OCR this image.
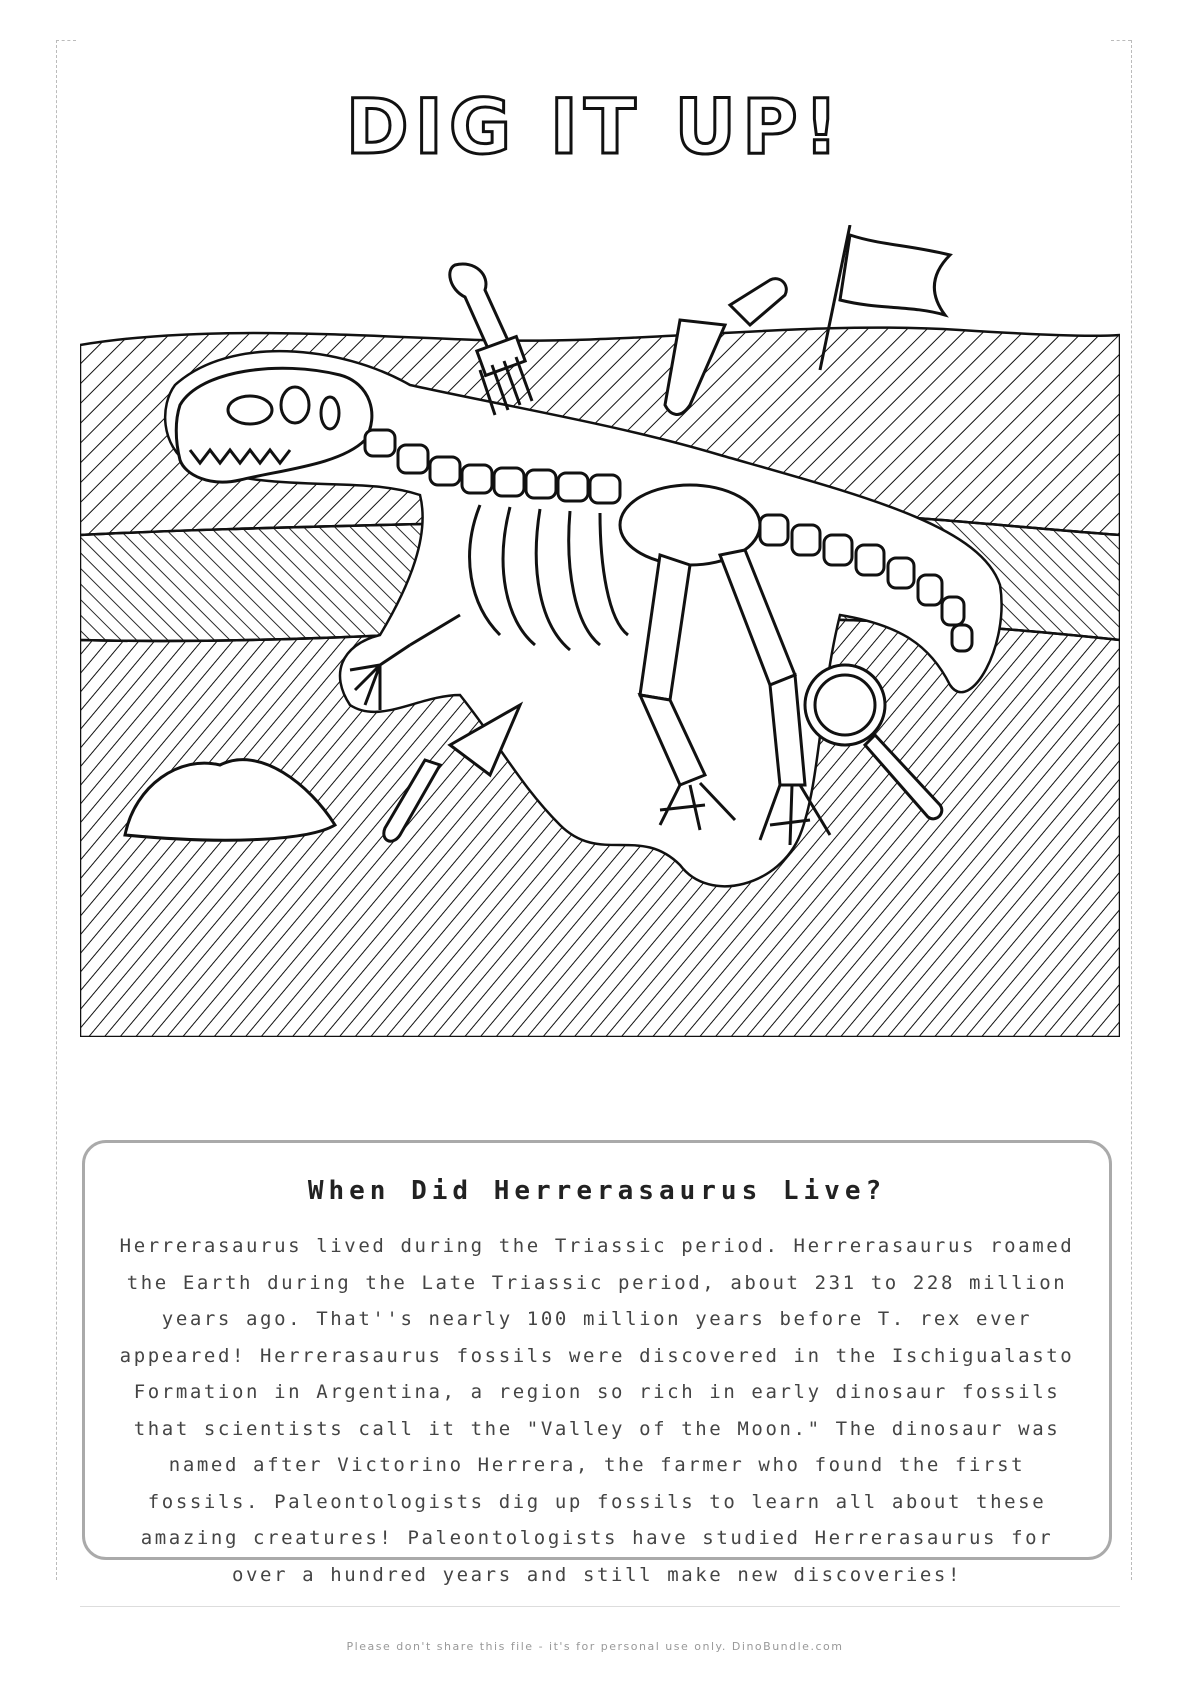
DIG IT UP!
When Did Herrerasaurus Live?

Herrerasaurus lived during the Triassic period. Herrerasaurus roamed the Earth during the Late Triassic period, about 231 to 228 million years ago. That''s nearly 100 million years before T. rex ever appeared! Herrerasaurus fossils were discovered in the Ischigualasto Formation in Argentina, a region so rich in early dinosaur fossils that scientists call it the "Valley of the Moon." The dinosaur was named after Victorino Herrera, the farmer who found the first fossils. Paleontologists dig up fossils to learn all about these amazing creatures! Paleontologists have studied Herrerasaurus for over a hundred years and still make new discoveries!

Please don't share this file - it's for personal use only. DinoBundle.com
